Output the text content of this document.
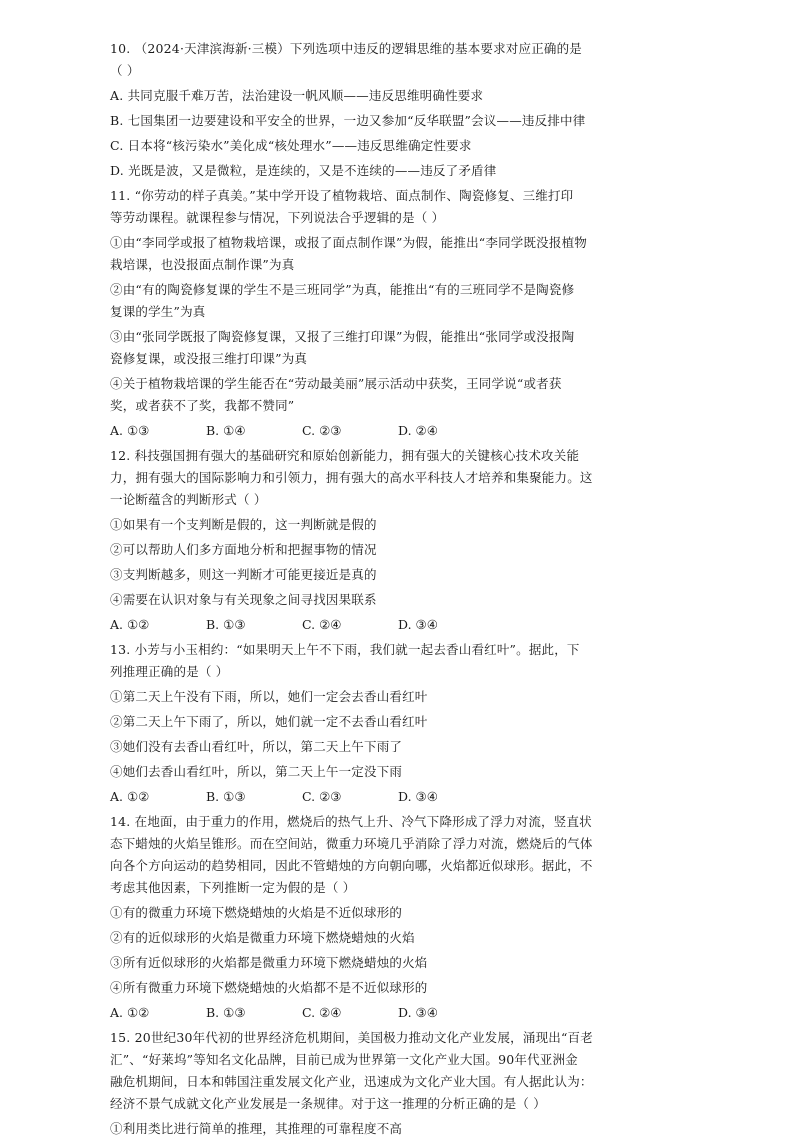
10. （2024·天津滨海新·三模）下列选项中违反的逻辑思维的基本要求对应正确的是
（ ）
A. 共同克服千难万苦，法治建设一帆风顺——违反思维明确性要求
B. 七国集团一边要建设和平安全的世界，一边又参加“反华联盟”会议——违反排中律
C. 日本将“核污染水”美化成“核处理水”——违反思维确定性要求
D. 光既是波，又是微粒，是连续的，又是不连续的——违反了矛盾律
11. “你劳动的样子真美。”某中学开设了植物栽培、面点制作、陶瓷修复、三维打印
等劳动课程。就课程参与情况，下列说法合乎逻辑的是（ ）
①由“李同学或报了植物栽培课，或报了面点制作课”为假，能推出“李同学既没报植物
栽培课，也没报面点制作课”为真
②由“有的陶瓷修复课的学生不是三班同学”为真，能推出“有的三班同学不是陶瓷修
复课的学生”为真
③由“张同学既报了陶瓷修复课，又报了三维打印课”为假，能推出“张同学或没报陶
瓷修复课，或没报三维打印课”为真
④关于植物栽培课的学生能否在“劳动最美丽”展示活动中获奖，王同学说“或者获
奖，或者获不了奖，我都不赞同”
A. ①③	B. ①④	C. ②③	D. ②④
12. 科技强国拥有强大的基础研究和原始创新能力，拥有强大的关键核心技术攻关能
力，拥有强大的国际影响力和引领力，拥有强大的高水平科技人才培养和集聚能力。这
一论断蕴含的判断形式（ ）
①如果有一个支判断是假的，这一判断就是假的
②可以帮助人们多方面地分析和把握事物的情况
③支判断越多，则这一判断才可能更接近是真的
④需要在认识对象与有关现象之间寻找因果联系
A. ①②	B. ①③	C. ②④	D. ③④
13. 小芳与小玉相约：“如果明天上午不下雨，我们就一起去香山看红叶”。据此，下
列推理正确的是（ ）
①第二天上午没有下雨，所以，她们一定会去香山看红叶
②第二天上午下雨了，所以，她们就一定不去香山看红叶
③她们没有去香山看红叶，所以，第二天上午下雨了
④她们去香山看红叶，所以，第二天上午一定没下雨
A. ①②	B. ①③	C. ②③	D. ③④
14. 在地面，由于重力的作用，燃烧后的热气上升、冷气下降形成了浮力对流，竖直状
态下蜡烛的火焰呈锥形。而在空间站，微重力环境几乎消除了浮力对流，燃烧后的气体
向各个方向运动的趋势相同，因此不管蜡烛的方向朝向哪，火焰都近似球形。据此，不
考虑其他因素，下列推断一定为假的是（ ）
①有的微重力环境下燃烧蜡烛的火焰是不近似球形的
②有的近似球形的火焰是微重力环境下燃烧蜡烛的火焰
③所有近似球形的火焰都是微重力环境下燃烧蜡烛的火焰
④所有微重力环境下燃烧蜡烛的火焰都不是不近似球形的
A. ①②	B. ①③	C. ②④	D. ③④
15. 20世纪30年代初的世界经济危机期间，美国极力推动文化产业发展，涌现出“百老
汇”、“好莱坞”等知名文化品牌，目前已成为世界第一文化产业大国。90年代亚洲金
融危机期间，日本和韩国注重发展文化产业，迅速成为文化产业大国。有人据此认为：
经济不景气成就文化产业发展是一条规律。对于这一推理的分析正确的是（ ）
①利用类比进行简单的推理，其推理的可靠程度不高
